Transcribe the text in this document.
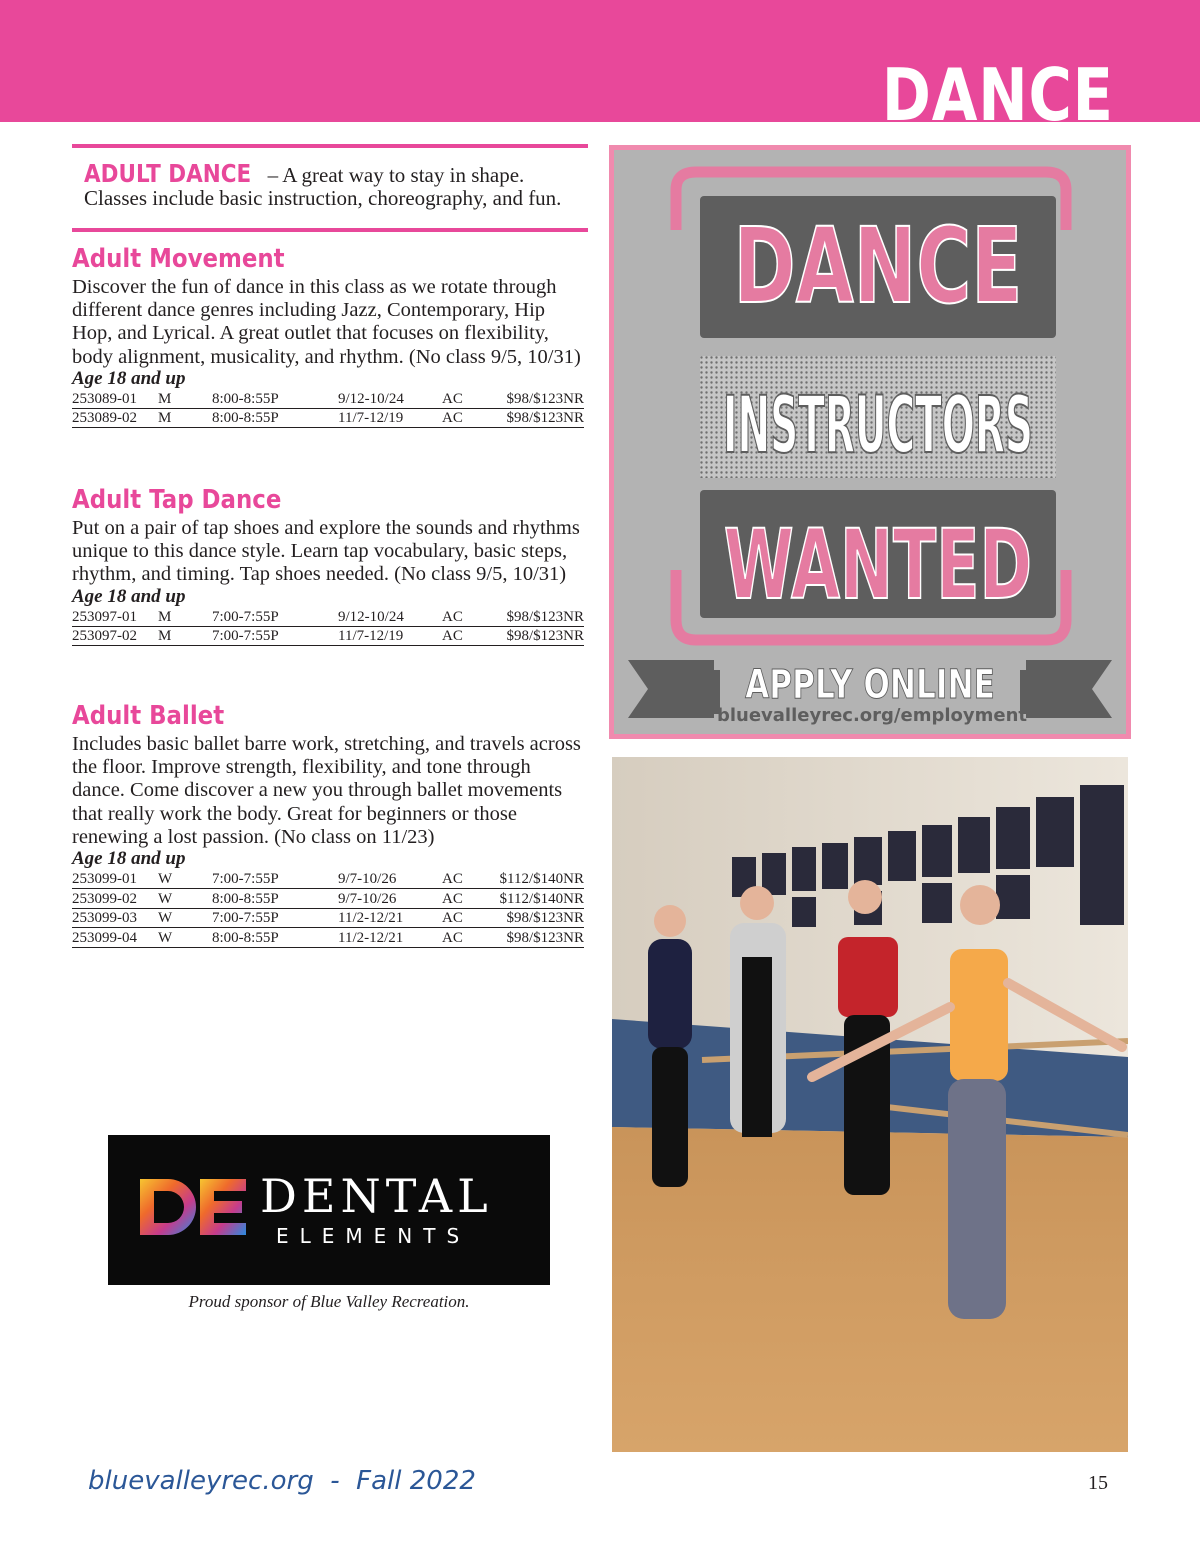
DANCE

ADULT DANCE – A great way to stay in shape. Classes include basic instruction, choreography, and fun.

Adult Movement

Discover the fun of dance in this class as we rotate through different dance genres including Jazz, Contemporary, Hip Hop, and Lyrical. A great outlet that focuses on flexibility, body alignment, musicality, and rhythm. (No class 9/5, 10/31)

Age 18 and up

253089-01	M	8:00-8:55P	9/12-10/24	AC	$98/$123NR
253089-02	M	8:00-8:55P	11/7-12/19	AC	$98/$123NR
Adult Tap Dance

Put on a pair of tap shoes and explore the sounds and rhythms unique to this dance style. Learn tap vocabulary, basic steps, rhythm, and timing. Tap shoes needed. (No class 9/5, 10/31)

Age 18 and up

253097-01	M	7:00-7:55P	9/12-10/24	AC	$98/$123NR
253097-02	M	7:00-7:55P	11/7-12/19	AC	$98/$123NR
Adult Ballet

Includes basic ballet barre work, stretching, and travels across the floor. Improve strength, flexibility, and tone through dance. Come discover a new you through ballet movements that really work the body. Great for beginners or those renewing a lost passion. (No class on 11/23)

Age 18 and up

253099-01	W	7:00-7:55P	9/7-10/26	AC	$112/$140NR
253099-02	W	8:00-8:55P	9/7-10/26	AC	$112/$140NR
253099-03	W	7:00-7:55P	11/2-12/21	AC	$98/$123NR
253099-04	W	8:00-8:55P	11/2-12/21	AC	$98/$123NR
DENTAL
ELEMENTS
Proud sponsor of Blue Valley Recreation.
DANCE
INSTRUCTORS
WANTED
APPLY ONLINE
bluevalleyrec.org/employment
bluevalleyrec.org  -  Fall 2022	15
